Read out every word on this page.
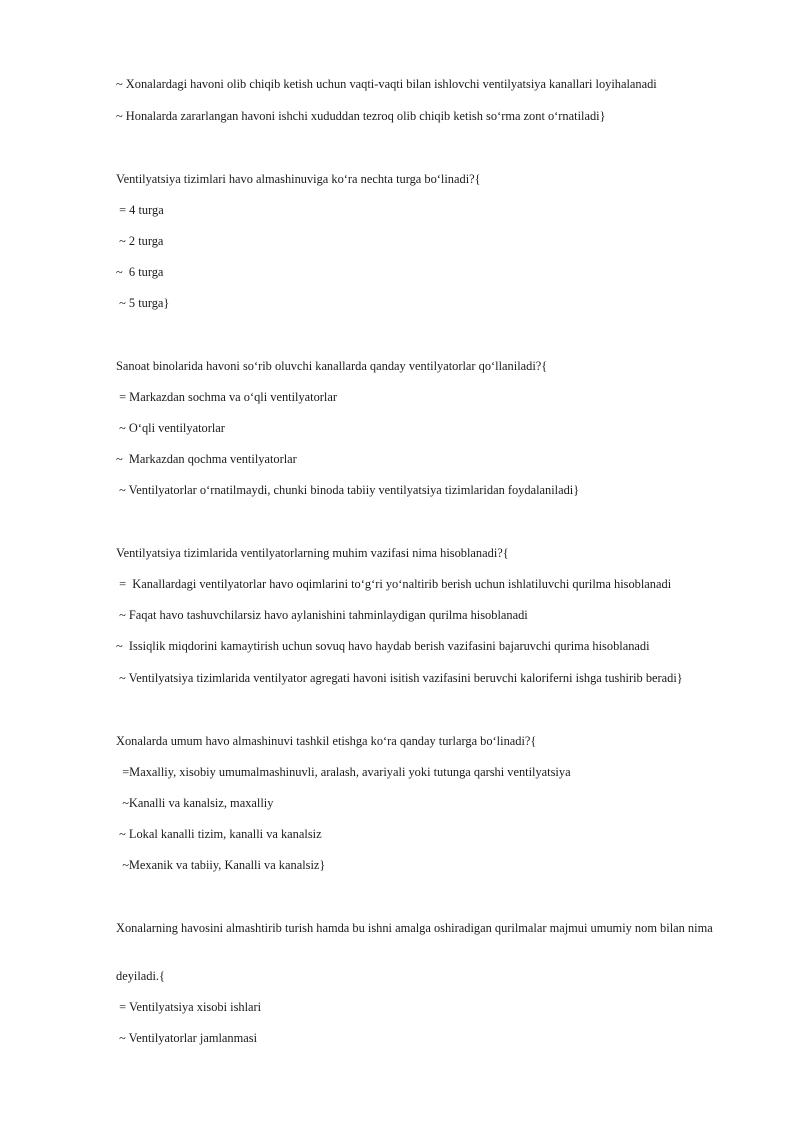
~ Xonalardagi havoni olib chiqib ketish uchun vaqti-vaqti bilan ishlovchi ventilyatsiya kanallari loyihalanadi
~ Honalarda zararlangan havoni ishchi xududdan tezroq olib chiqib ketish so‘rma zont o‘rnatiladi}
Ventilyatsiya tizimlari havo almashinuviga ko‘ra nechta turga bo‘linadi?{
= 4 turga
~ 2 turga
~  6 turga
~ 5 turga}
Sanoat binolarida havoni so‘rib oluvchi kanallarda qanday ventilyatorlar qo‘llaniladi?{
= Markazdan sochma va o‘qli ventilyatorlar
~ O‘qli ventilyatorlar
~  Markazdan qochma ventilyatorlar
~ Ventilyatorlar o‘rnatilmaydi, chunki binoda tabiiy ventilyatsiya tizimlaridan foydalaniladi}
Ventilyatsiya tizimlarida ventilyatorlarning muhim vazifasi nima hisoblanadi?{
=  Kanallardagi ventilyatorlar havo oqimlarini to‘g‘ri yo‘naltirib berish uchun ishlatiluvchi qurilma hisoblanadi
~ Faqat havo tashuvchilarsiz havo aylanishini tahminlaydigan qurilma hisoblanadi
~  Issiqlik miqdorini kamaytirish uchun sovuq havo haydab berish vazifasini bajaruvchi qurima hisoblanadi
~ Ventilyatsiya tizimlarida ventilyator agregati havoni isitish vazifasini beruvchi kaloriferni ishga tushirib beradi}
Xonalarda umum havo almashinuvi tashkil etishga ko‘ra qanday turlarga bo‘linadi?{
=Maxalliy, xisobiy umumalmashinuvli, aralash, avariyali yoki tutunga qarshi ventilyatsiya
~Kanalli va kanalsiz, maxalliy
~ Lokal kanalli tizim, kanalli va kanalsiz
~Mexanik va tabiiy, Kanalli va kanalsiz}
Xonalarning havosini almashtirib turish hamda bu ishni amalga oshiradigan qurilmalar majmui umumiy nom bilan nima
deyiladi.{
= Ventilyatsiya xisobi ishlari
~ Ventilyatorlar jamlanmasi
